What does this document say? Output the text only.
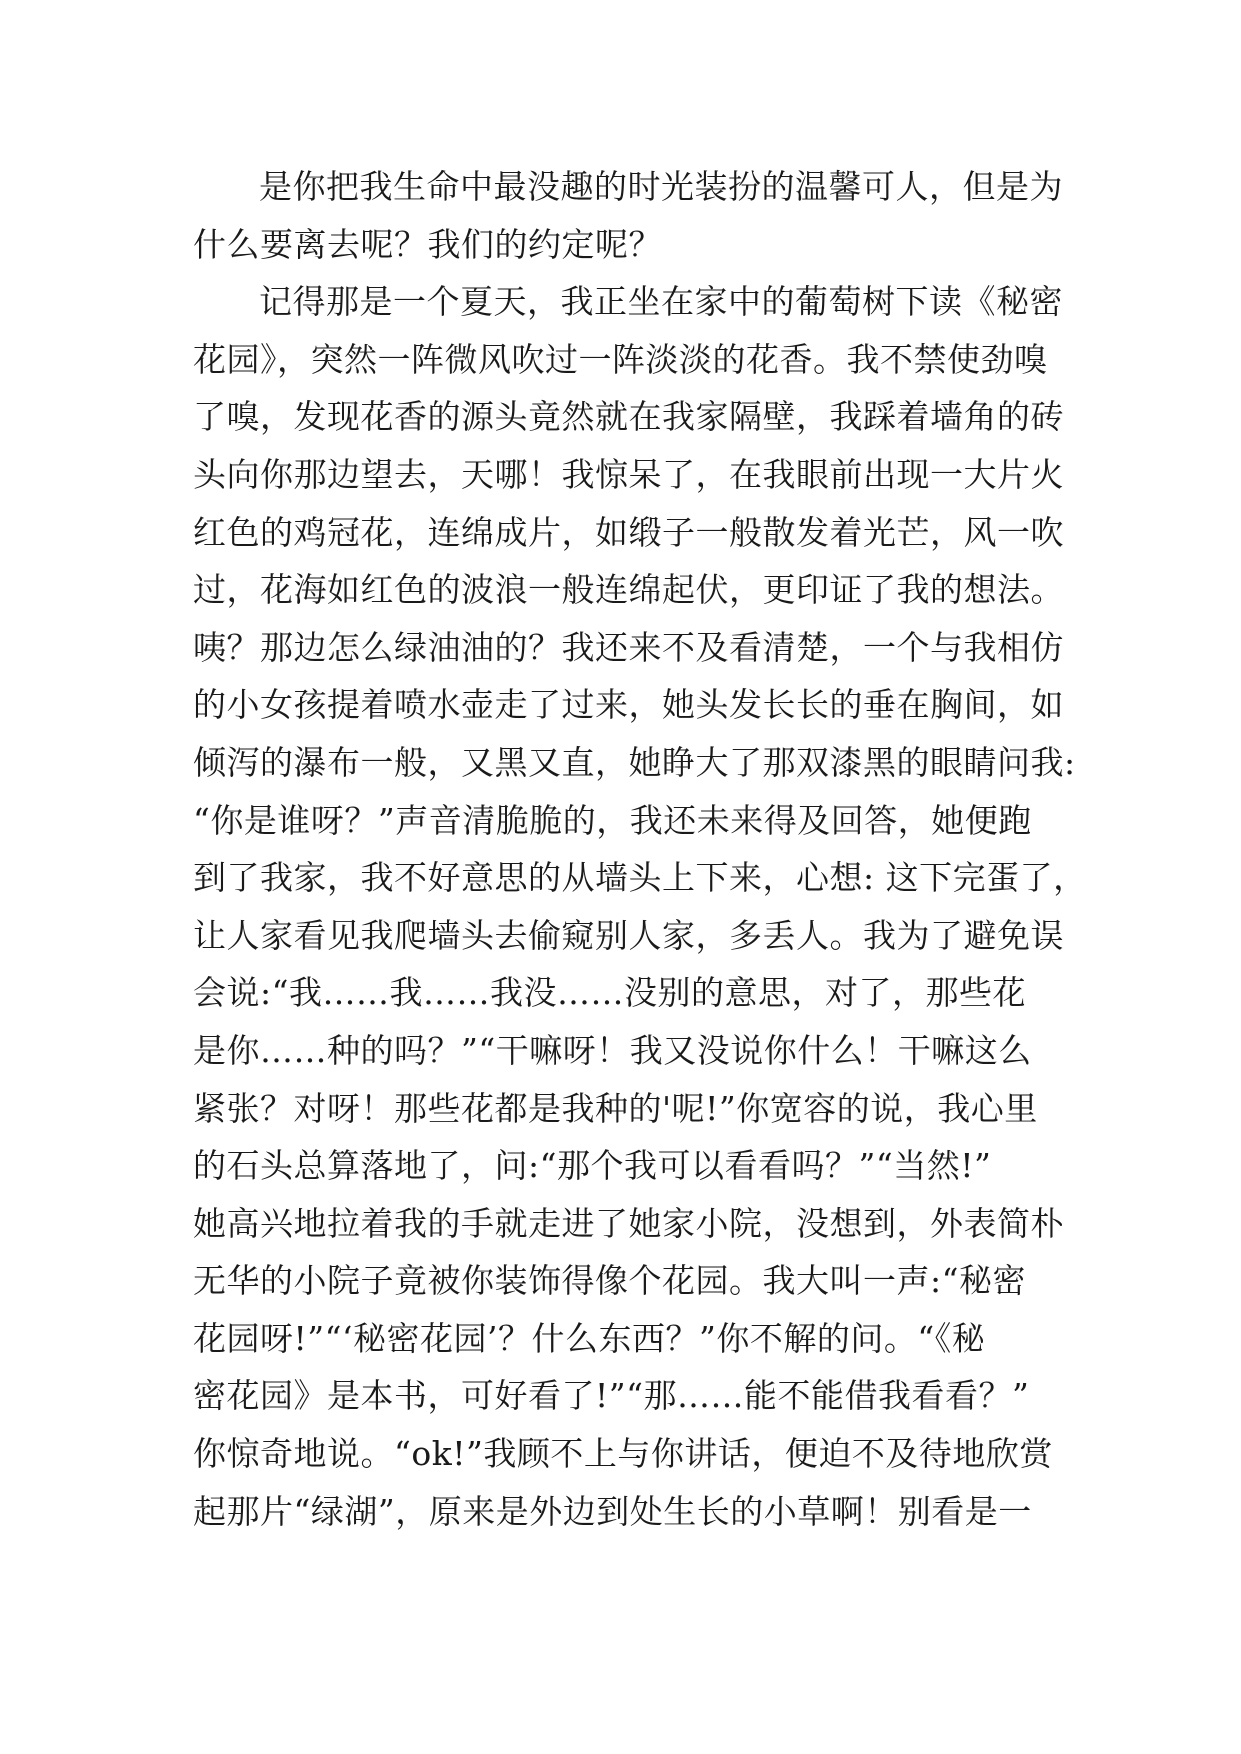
是你把我生命中最没趣的时光装扮的温馨可人，但是为
什么要离去呢？我们的约定呢？
记得那是一个夏天，我正坐在家中的葡萄树下读《秘密
花园》，突然一阵微风吹过一阵淡淡的花香。我不禁使劲嗅
了嗅，发现花香的源头竟然就在我家隔壁，我踩着墙角的砖
头向你那边望去，天哪！我惊呆了，在我眼前出现一大片火
红色的鸡冠花，连绵成片，如缎子一般散发着光芒，风一吹
过，花海如红色的波浪一般连绵起伏，更印证了我的想法。
咦？那边怎么绿油油的？我还来不及看清楚，一个与我相仿
的小女孩提着喷水壶走了过来，她头发长长的垂在胸间，如
倾泻的瀑布一般，又黑又直，她睁大了那双漆黑的眼睛问我:
“你是谁呀？”声音清脆脆的，我还未来得及回答，她便跑
到了我家，我不好意思的从墙头上下来，心想: 这下完蛋了，
让人家看见我爬墙头去偷窥别人家，多丢人。我为了避免误
会说:“我……我……我没……没别的意思，对了，那些花
是你……种的吗？”“干嘛呀！我又没说你什么！干嘛这么
紧张？对呀！那些花都是我种的'呢!”你宽容的说，我心里
的石头总算落地了，问:“那个我可以看看吗？”“当然!”
她高兴地拉着我的手就走进了她家小院，没想到，外表简朴
无华的小院子竟被你装饰得像个花园。我大叫一声:“秘密
花园呀!”“‘秘密花园’？什么东西？”你不解的问。“《秘
密花园》是本书，可好看了!”“那……能不能借我看看？”
你惊奇地说。“ok!”我顾不上与你讲话，便迫不及待地欣赏
起那片“绿湖”，原来是外边到处生长的小草啊！别看是一
